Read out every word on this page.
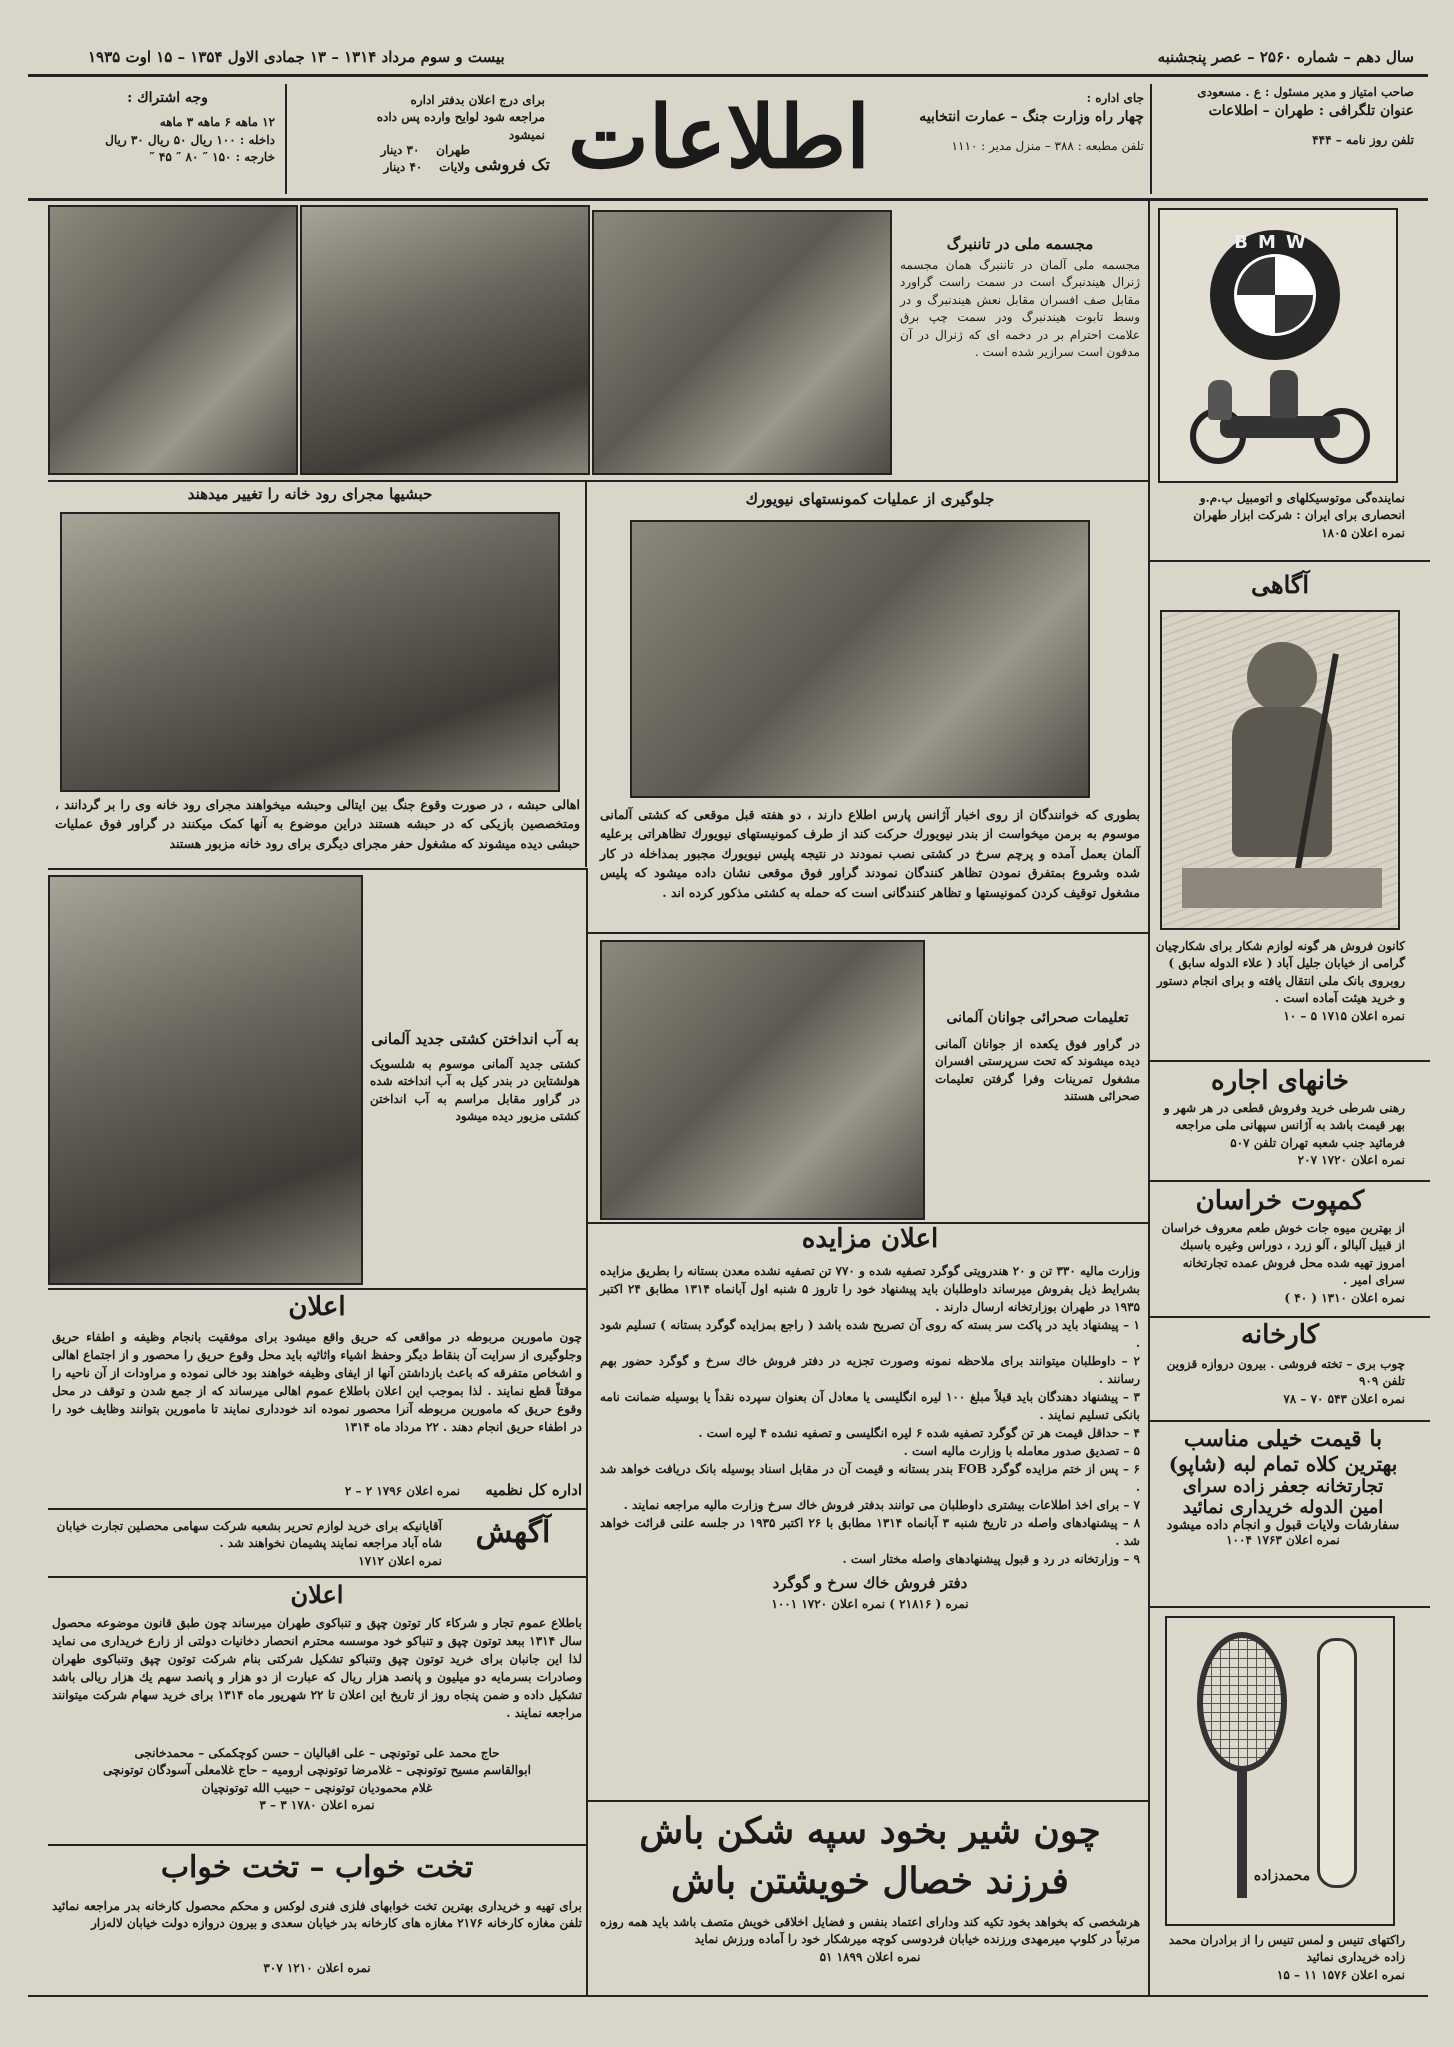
سال دهم – شماره ۲۵۶۰ – عصر پنجشنبه
بیست و سوم مرداد ۱۳۱۴ – ۱۳ جمادی الاول ۱۳۵۴ – ۱۵ اوت ۱۹۳۵
صاحب امتیاز و مدیر مسئول : ع . مسعودی
عنوان تلگرافی : طهران – اطلاعات
تلفن روز نامه – ۴۴۴
جای اداره :
چهار راه وزارت جنگ – عمارت انتخابیه
تلفن مطبعه : ۳۸۸ – منزل مدیر : ۱۱۱۰
اطلاعات
برای درج اعلان بدفتر اداره مراجعه شود لوایح وارده پس داده نمیشود
تک فروشی
طهران    ۳۰ دینار
ولایات    ۴۰ دینار
وجه اشتراك :
۱۲ ماهه ۶ ماهه ۳ ماهه
داخله : ۱۰۰ ریال ۵۰ ریال ۳۰ ریال
خارجه : ۱۵۰ ″ ۸۰ ″ ۴۵ ″
BMW
نماینده‌گی موتوسیکلهای و اتومبیل ب.م.و انحصاری برای ایران : شرکت ابزار طهران
نمره اعلان ۱۸۰۵
آگاهی
کانون فروش هر گونه لوازم شکار برای شکارچیان گرامی از خیابان جلیل آباد ( علاء الدوله سابق ) روبروی بانک ملی انتقال یافته و برای انجام دستور و خرید هیئت آماده است .
نمره اعلان ۱۷۱۵ ۵ – ۱۰
خانهای اجاره
رهنی شرطی خرید وفروش قطعی در هر شهر و بهر قیمت باشد به آژانس سپهانی ملی مراجعه فرمائید جنب شعبه تهران تلفن ۵۰۷
نمره اعلان ۱۷۲۰ ۲۰۷
کمپوت خراسان
از بهترین میوه جات خوش طعم معروف خراسان از قبیل آلبالو ، آلو زرد ، دوراس وغیره باسبك امروز تهیه شده محل فروش عمده تجارتخانه سرای امیر .
نمره اعلان ۱۳۱۰ ( ۴۰ )
کارخانه
چوب بری – تخته فروشی . بیرون دروازه قزوین تلفن ۹۰۹
نمره اعلان ۵۴۳ ۷۰ – ۷۸
با قیمت خیلی مناسب
بهترین کلاه تمام لبه (شاپو)
تجارتخانه جعفر زاده سرای
امین الدوله خریداری نمائید
سفارشات ولایات قبول و انجام داده میشود
نمره اعلان ۱۷۶۳ ۱۰۰۴
محمدزاده
راکتهای تنیس و لمس تنیس را از برادران محمد زاده خریداری نمائید
نمره اعلان ۱۵۷۶ ۱۱ – ۱۵
مجسمه ملی در تاننبرگ
مجسمه ملی آلمان در تاننبرگ همان مجسمه ژنرال هیندنبرگ است در سمت راست گراورد مقابل صف افسران مقابل نعش هیندنبرگ و در وسط تابوت هیندنبرگ ودر سمت چپ برق علامت احترام بر در دخمه ای که ژنرال در آن مدفون است سرازیر شده است .
حبشیها مجرای رود خانه را تغییر میدهند
اهالی حبشه ، در صورت وقوع جنگ بین ایتالی وحبشه میخواهند مجرای رود خانه وی را بر گردانند ، ومتخصصین بازیکی که در حبشه هستند دراین موضوع به آنها کمک میکنند در گراور فوق عملیات حبشی دیده میشوند که مشغول حفر مجرای دیگری برای رود خانه مزبور هستند
جلوگیری از عملیات کمونستهای نیویورك
بطوری که خوانندگان از روی اخبار آژانس پارس اطلاع دارند ، دو هفته قبل موقعی که کشتی آلمانی موسوم به برمن میخواست از بندر نیویورك حرکت کند از طرف کمونیستهای نیویورك تظاهراتی برعلیه آلمان بعمل آمده و پرچم سرخ در کشتی نصب نمودند در نتیجه پلیس نیویورك مجبور بمداخله در کار شده وشروع بمتفرق نمودن تظاهر کنندگان نمودند گراور فوق موقعی نشان داده میشود که پلیس مشغول توقیف کردن کمونیستها و تظاهر کنندگانی است که حمله به کشتی مذکور کرده اند .
به آب انداختن کشتی جدید آلمانی
کشتی جدید آلمانی موسوم به شلسویک هولشتاین در بندر کیل به آب انداخته شده در گراور مقابل مراسم به آب انداختن کشتی مزبور دیده میشود
تعلیمات صحرائی جوانان آلمانی
در گراور فوق یکعده از جوانان آلمانی دیده میشوند که تحت سرپرستی افسران مشغول تمرینات وفرا گرفتن تعلیمات صحرائی هستند
اعلان مزایده
وزارت مالیه ۳۳۰ تن و ۲۰ هندرویتی گوگرد تصفیه شده و ۷۷۰ تن تصفیه نشده معدن بستانه را بطریق مزایده بشرایط ذیل بفروش میرساند داوطلبان باید پیشنهاد خود را تاروز ۵ شنبه اول آبانماه ۱۳۱۴ مطابق ۲۴ اکتبر ۱۹۳۵ در طهران بوزارتخانه ارسال دارند .
۱ – پیشنهاد باید در پاکت سر بسته که روی آن تصریح شده باشد ( راجع بمزایده گوگرد بستانه ) تسلیم شود .
۲ – داوطلبان میتوانند برای ملاحظه نمونه وصورت تجزیه در دفتر فروش خاك سرخ و گوگرد حضور بهم رسانند .
۳ – پیشنهاد دهندگان باید قبلاً مبلغ ۱۰۰ لیره انگلیسی یا معادل آن بعنوان سپرده نقداً یا بوسیله ضمانت نامه بانکی تسلیم نمایند .
۴ – حداقل قیمت هر تن گوگرد تصفیه شده ۶ لیره انگلیسی و تصفیه نشده ۴ لیره است .
۵ – تصدیق صدور معامله با وزارت مالیه است .
۶ – پس از ختم مزایده گوگرد FOB بندر بستانه و قیمت آن در مقابل اسناد بوسیله بانک دریافت خواهد شد .
۷ – برای اخذ اطلاعات بیشتری داوطلبان می توانند بدفتر فروش خاك سرخ وزارت مالیه مراجعه نمایند .
۸ – پیشنهادهای واصله در تاریخ شنبه ۳ آبانماه ۱۳۱۴ مطابق با ۲۶ اکتبر ۱۹۳۵ در جلسه علنی قرائت خواهد شد .
۹ – وزارتخانه در رد و قبول پیشنهادهای واصله مختار است .
دفتر فروش خاك سرخ و گوگرد
نمره ( ۲۱۸۱۶ ) نمره اعلان ۱۷۲۰ ۱۰۰۱
چون شیر بخود سپه شکن باش
فرزند خصال خویشتن باش
هرشخصی که بخواهد بخود تکیه کند ودارای اعتماد بنفس و فضایل اخلاقی خویش متصف باشد باید همه روزه مرتباً در کلوپ میرمهدی ورزنده خیابان فردوسی کوچه میرشکار خود را آماده ورزش نماید
نمره اعلان ۱۸۹۹ ۵۱
اعلان
چون مامورین مربوطه در مواقعی که حریق واقع میشود برای موفقیت بانجام وظیفه و اطفاء حریق وجلوگیری از سرایت آن بنقاط دیگر وحفظ اشیاء واثاثیه باید محل وقوع حریق را محصور و از اجتماع اهالی و اشخاص متفرقه که باعث بازداشتن آنها از ایفای وظیفه خواهند بود خالی نموده و مراودات از آن ناحیه را موقتاً قطع نمایند . لذا بموجب این اعلان باطلاع عموم اهالی میرساند که از جمع شدن و توقف در محل وقوع حریق که مامورین مربوطه آنرا محصور نموده اند خودداری نمایند تا مامورین بتوانند وظایف خود را در اطفاء حریق انجام دهند . ۲۲ مرداد ماه ۱۳۱۴
اداره کل نظمیه      نمره اعلان ۱۷۹۶ ۲ – ۲
آگهش
آقایانیکه برای خرید لوازم تحریر بشعبه شرکت سهامی محصلین تجارت خیابان شاه آباد مراجعه نمایند پشیمان نخواهند شد .
نمره اعلان ۱۷۱۲
اعلان
باطلاع عموم تجار و شرکاء کار توتون چپق و تنباکوی طهران میرساند چون طبق قانون موضوعه محصول سال ۱۳۱۴ ببعد توتون چپق و تنباکو خود موسسه محترم انحصار دخانیات دولتی از زارع خریداری می نماید لذا این جانبان برای خرید توتون چپق وتنباکو تشکیل شرکتی بنام شرکت توتون چپق وتنباکوی طهران وصادرات بسرمایه دو میلیون و پانصد هزار ریال که عبارت از دو هزار و پانصد سهم یك هزار ریالی باشد تشکیل داده و ضمن پنجاه روز از تاریخ این اعلان تا ۲۲ شهریور ماه ۱۳۱۴ برای خرید سهام شرکت میتوانند مراجعه نمایند .
حاج محمد علی توتونچی – علی اقبالیان – حسن کوچکمکی – محمدخانجی
ابوالقاسم مسیح توتونچی – غلامرضا توتونچی ارومیه – حاج غلامعلی آسودگان توتونچی
غلام محمودیان توتونچی – حبیب الله توتونچیان
نمره اعلان ۱۷۸۰ ۳ – ۳
تخت خواب – تخت خواب
برای تهیه و خریداری بهترین تخت خوابهای فلزی فنری لوکس و محکم محصول کارخانه بدر مراجعه نمائید تلفن مغازه کارخانه ۲۱۷۶ مغازه های کارخانه بدر خیابان سعدی و بیرون دروازه دولت خیابان لاله‌زار
نمره اعلان ۱۲۱۰ ۳۰۷
